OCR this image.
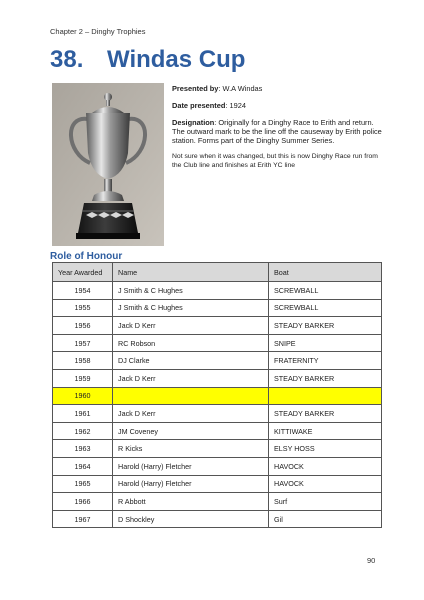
Chapter 2 – Dinghy Trophies
38. Windas Cup

Presented by: W.A Windas

Date presented: 1924

Designation: Originally for a Dinghy Race to Erith and return. The outward mark to be the line off the causeway by Erith police station. Forms part of the Dinghy Summer Series.

Not sure when it was changed, but this is now Dinghy Race run from the Club line and finishes at Erith YC line

Role of Honour
Year Awarded	Name	Boat
1954	J Smith & C Hughes	SCREWBALL
1955	J Smith & C Hughes	SCREWBALL
1956	Jack D Kerr	STEADY BARKER
1957	RC Robson	SNIPE
1958	DJ Clarke	FRATERNITY
1959	Jack D Kerr	STEADY BARKER
1960		
1961	Jack D Kerr	STEADY BARKER
1962	JM Coveney	KITTIWAKE
1963	R Kicks	ELSY HOSS
1964	Harold (Harry) Fletcher	HAVOCK
1965	Harold (Harry) Fletcher	HAVOCK
1966	R Abbott	Surf
1967	D Shockley	Gil
90
